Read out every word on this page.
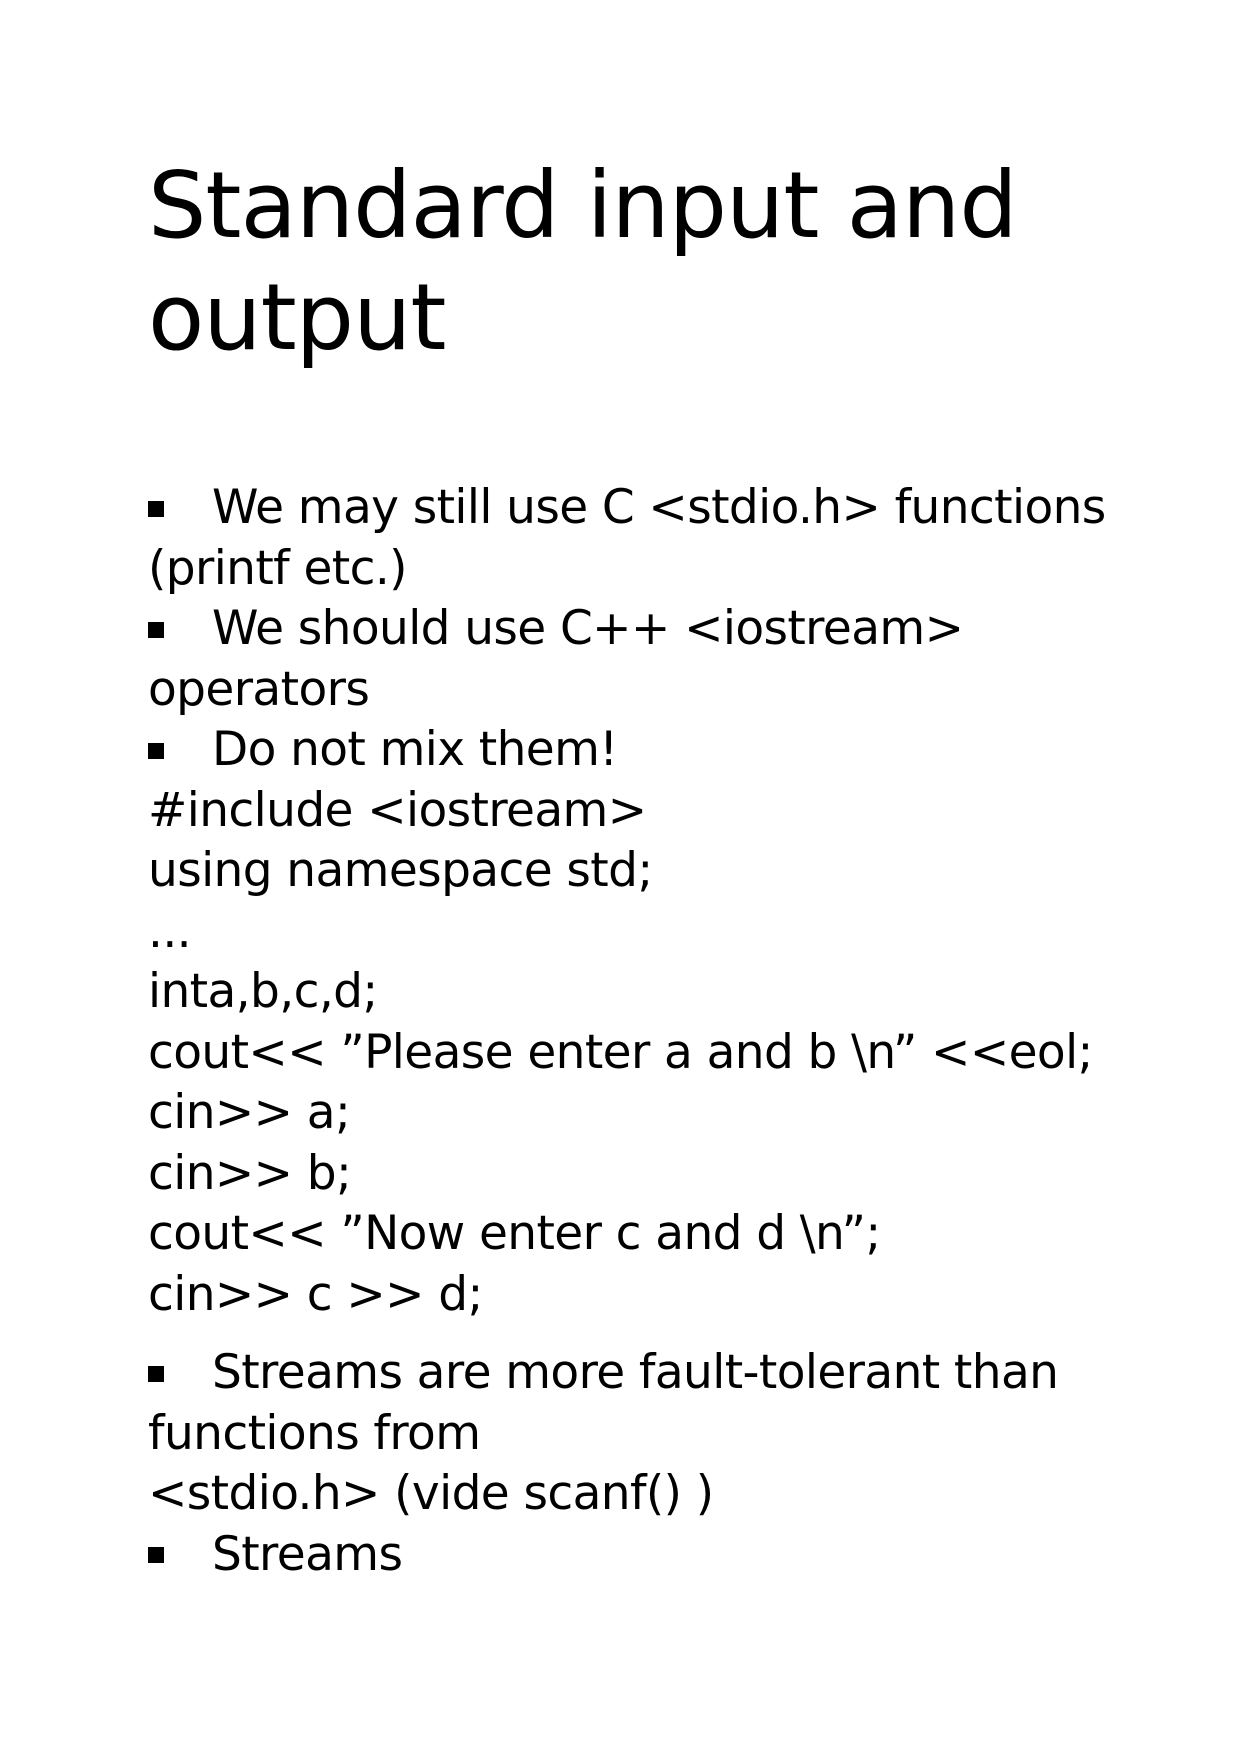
Standard input and
output
We may still use C <stdio.h> functions
(printf etc.)
We should use C++ <iostream>
operators
Do not mix them!
#include <iostream>
using namespace std;
...
inta,b,c,d;
cout<< ”Please enter a and b \n” <<eol;
cin>> a;
cin>> b;
cout<< ”Now enter c and d \n”;
cin>> c >> d;
Streams are more fault-tolerant than
functions from
<stdio.h> (vide scanf() )
Streams
